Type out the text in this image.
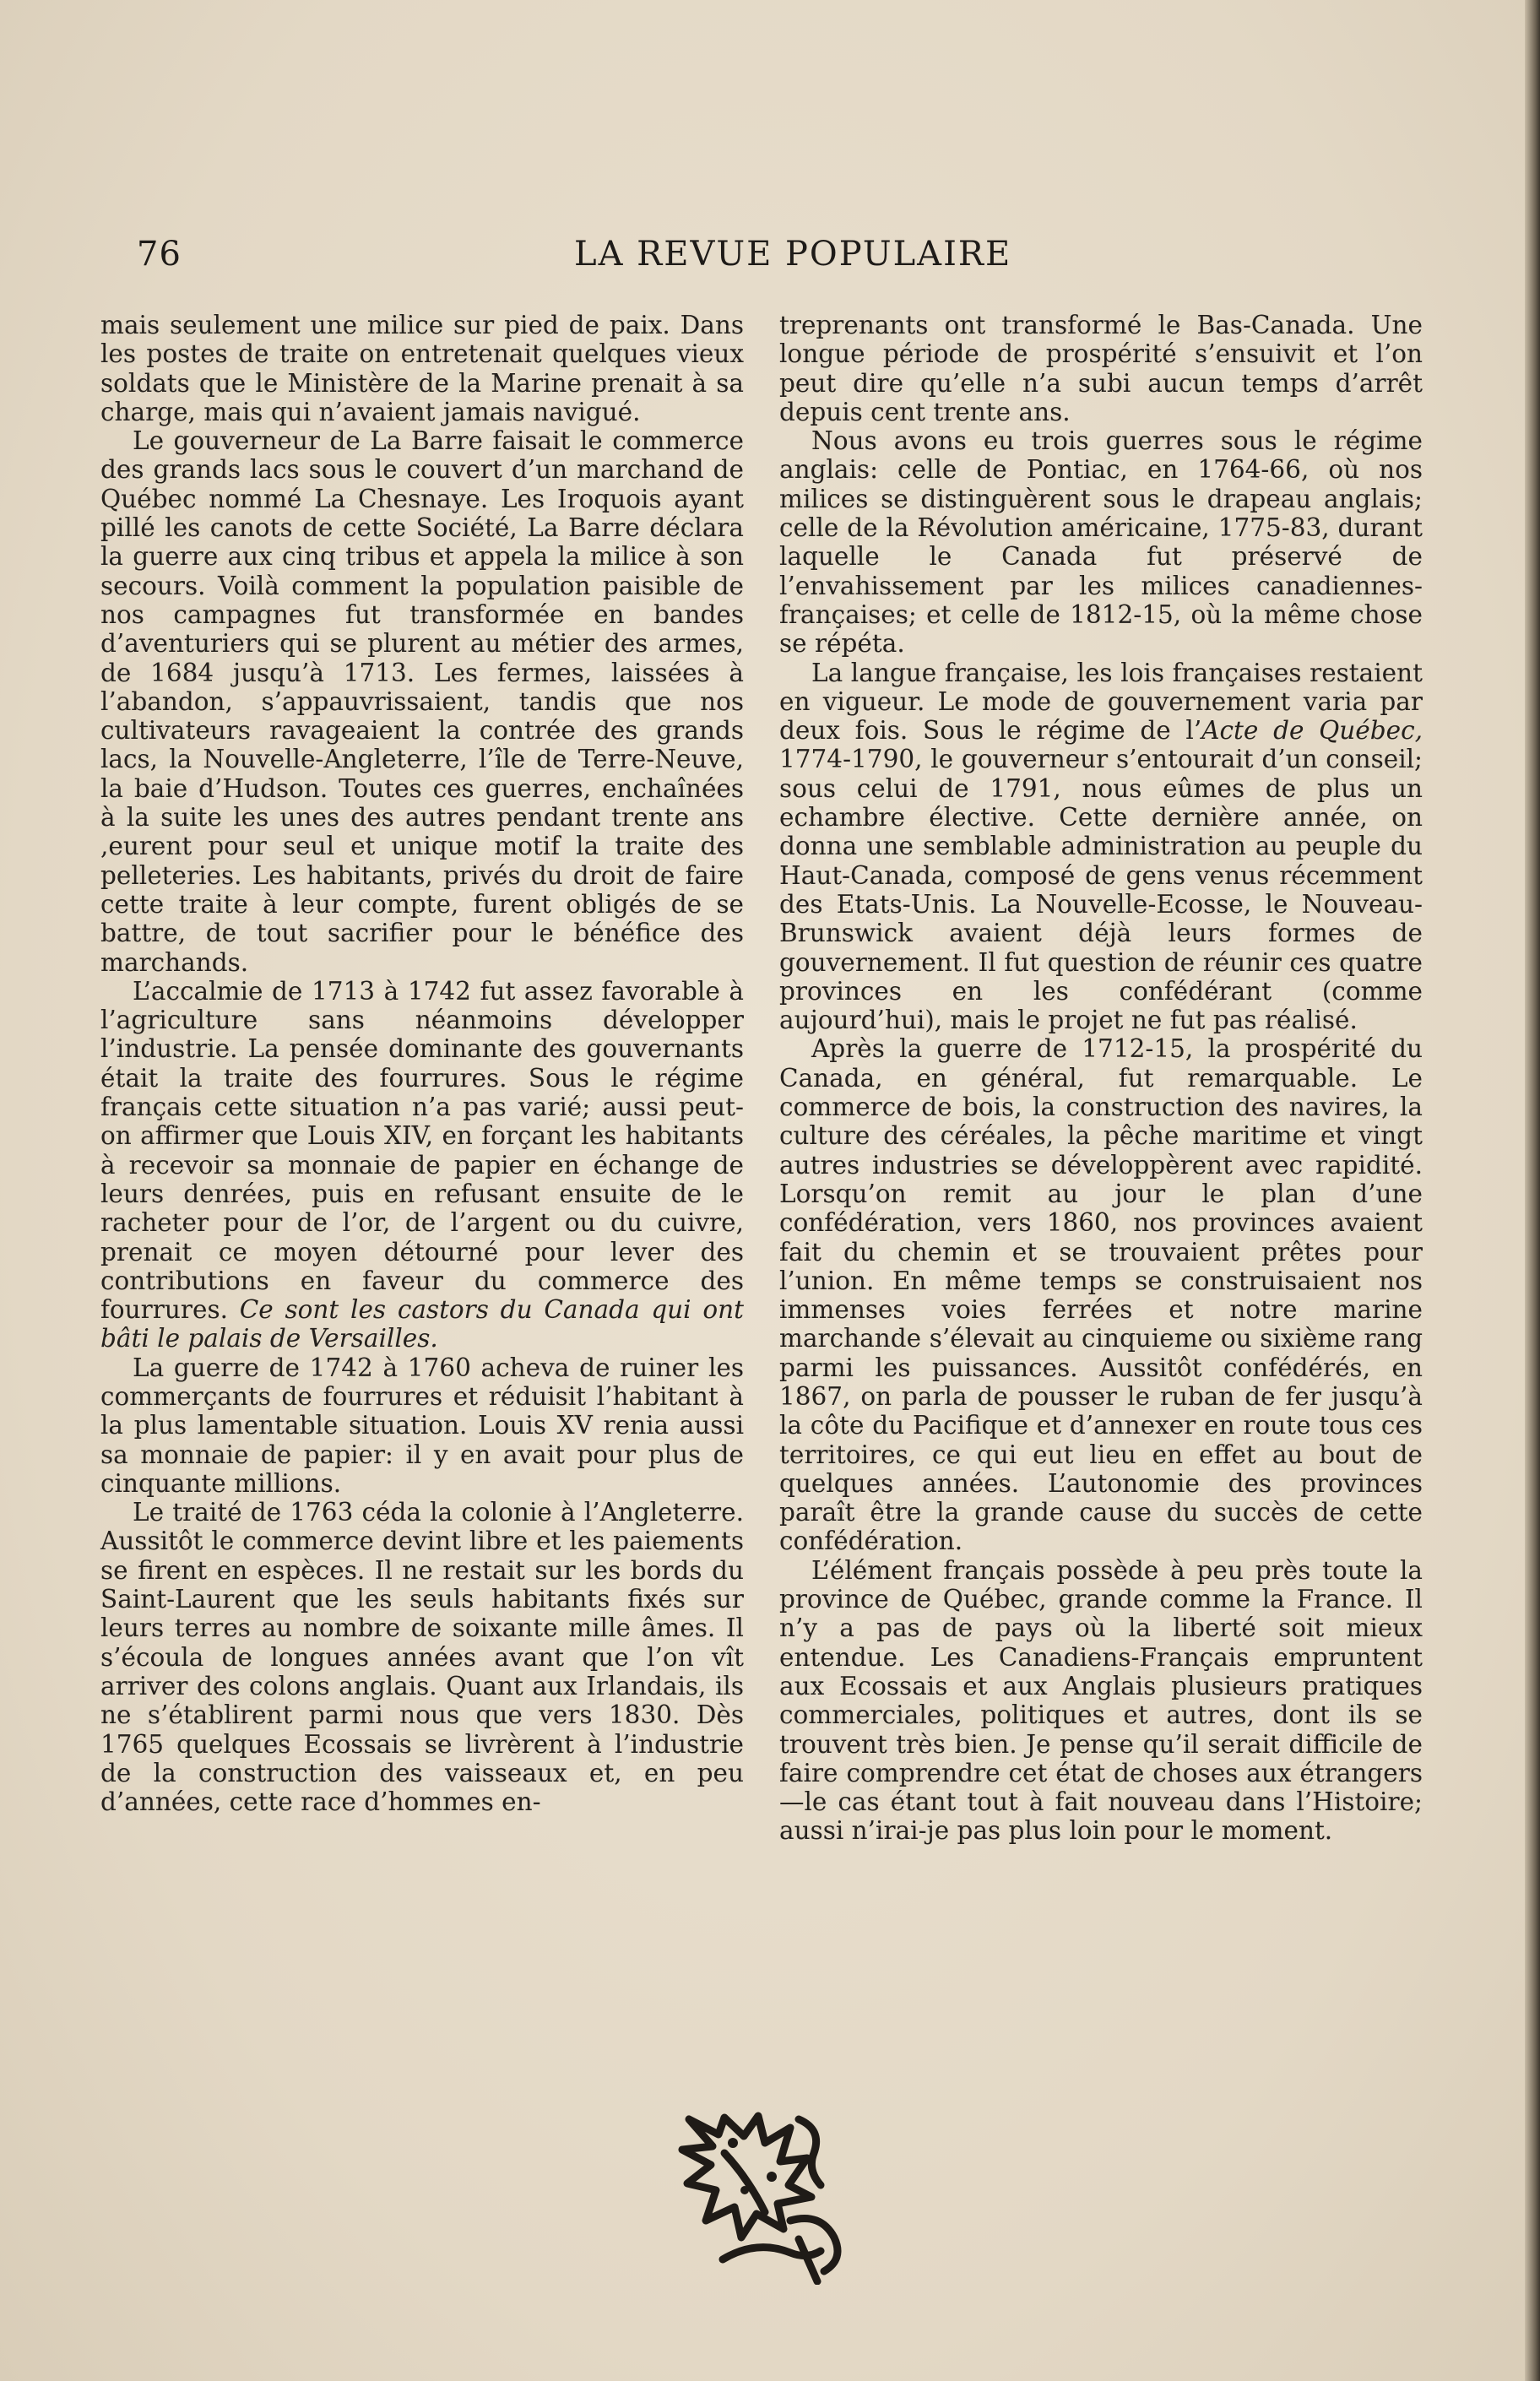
76	LA REVUE POPULAIRE

mais seulement une milice sur pied de paix. Dans les postes de traite on entretenait quelques vieux soldats que le Ministère de la Marine prenait à sa charge, mais qui n’avaient jamais navigué.

Le gouverneur de La Barre faisait le commerce des grands lacs sous le couvert d’un marchand de Québec nommé La Chesnaye. Les Iroquois ayant pillé les canots de cette Société, La Barre déclara la guerre aux cinq tribus et appela la milice à son secours. Voilà comment la population paisible de nos campagnes fut transformée en bandes d’aventuriers qui se plurent au métier des armes, de 1684 jusqu’à 1713. Les fermes, laissées à l’abandon, s’appauvrissaient, tandis que nos cultivateurs ravageaient la contrée des grands lacs, la Nouvelle-Angleterre, l’île de Terre-Neuve, la baie d’Hudson. Toutes ces guerres, enchaînées à la suite les unes des autres pendant trente ans ,eurent pour seul et unique motif la traite des pelleteries. Les habitants, privés du droit de faire cette traite à leur compte, furent obligés de se battre, de tout sacrifier pour le bénéfice des marchands.

L’accalmie de 1713 à 1742 fut assez favorable à l’agriculture sans néanmoins développer l’industrie. La pensée dominante des gouvernants était la traite des fourrures. Sous le régime français cette situation n’a pas varié; aussi peut-on affirmer que Louis XIV, en forçant les habitants à recevoir sa monnaie de papier en échange de leurs denrées, puis en refusant ensuite de le racheter pour de l’or, de l’argent ou du cuivre, prenait ce moyen détourné pour lever des contributions en faveur du commerce des fourrures. Ce sont les castors du Canada qui ont bâti le palais de Versailles.

La guerre de 1742 à 1760 acheva de ruiner les commerçants de fourrures et réduisit l’habitant à la plus lamentable situation. Louis XV renia aussi sa monnaie de papier: il y en avait pour plus de cinquante millions.

Le traité de 1763 céda la colonie à l’Angleterre. Aussitôt le commerce devint libre et les paiements se firent en espèces. Il ne restait sur les bords du Saint-Laurent que les seuls habitants fixés sur leurs terres au nombre de soixante mille âmes. Il s’écoula de longues années avant que l’on vît arriver des colons anglais. Quant aux Irlandais, ils ne s’établirent parmi nous que vers 1830. Dès 1765 quelques Ecossais se livrèrent à l’industrie de la construction des vaisseaux et, en peu d’années, cette race d’hommes en-

treprenants ont transformé le Bas-Canada. Une longue période de prospérité s’ensuivit et l’on peut dire qu’elle n’a subi aucun temps d’arrêt depuis cent trente ans.

Nous avons eu trois guerres sous le régime anglais: celle de Pontiac, en 1764-66, où nos milices se distinguèrent sous le drapeau anglais; celle de la Révolution américaine, 1775-83, durant laquelle le Canada fut préservé de l’envahissement par les milices canadiennes-françaises; et celle de 1812-15, où la même chose se répéta.

La langue française, les lois françaises restaient en vigueur. Le mode de gouvernement varia par deux fois. Sous le régime de l’Acte de Québec, 1774-1790, le gouverneur s’entourait d’un conseil; sous celui de 1791, nous eûmes de plus un echambre élective. Cette dernière année, on donna une semblable administration au peuple du Haut-Canada, composé de gens venus récemment des Etats-Unis. La Nouvelle-Ecosse, le Nouveau-Brunswick avaient déjà leurs formes de gouvernement. Il fut question de réunir ces quatre provinces en les confédérant (comme aujourd’hui), mais le projet ne fut pas réalisé.

Après la guerre de 1712-15, la prospérité du Canada, en général, fut remarquable. Le commerce de bois, la construction des navires, la culture des céréales, la pêche maritime et vingt autres industries se développèrent avec rapidité. Lorsqu’on remit au jour le plan d’une confédération, vers 1860, nos provinces avaient fait du chemin et se trouvaient prêtes pour l’union. En même temps se construisaient nos immenses voies ferrées et notre marine marchande s’élevait au cinquieme ou sixième rang parmi les puissances. Aussitôt confédérés, en 1867, on parla de pousser le ruban de fer jusqu’à la côte du Pacifique et d’annexer en route tous ces territoires, ce qui eut lieu en effet au bout de quelques années. L’autonomie des provinces paraît être la grande cause du succès de cette confédération.

L’élément français possède à peu près toute la province de Québec, grande comme la France. Il n’y a pas de pays où la liberté soit mieux entendue. Les Canadiens-Français empruntent aux Ecossais et aux Anglais plusieurs pratiques commerciales, politiques et autres, dont ils se trouvent très bien. Je pense qu’il serait difficile de faire comprendre cet état de choses aux étrangers—le cas étant tout à fait nouveau dans l’Histoire; aussi n’irai-je pas plus loin pour le moment.
